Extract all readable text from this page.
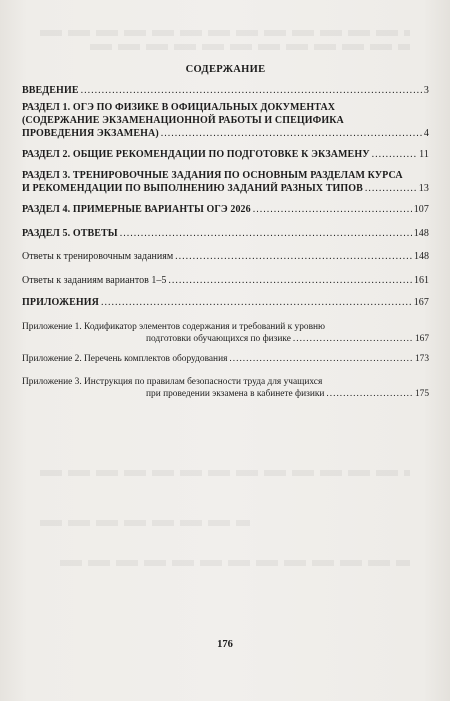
СОДЕРЖАНИЕ
ВВЕДЕНИЕ .....	3
РАЗДЕЛ 1. ОГЭ ПО ФИЗИКЕ В ОФИЦИАЛЬНЫХ ДОКУМЕНТАХ
(СОДЕРЖАНИЕ ЭКЗАМЕНАЦИОННОЙ РАБОТЫ И СПЕЦИФИКА
ПРОВЕДЕНИЯ ЭКЗАМЕНА) .....	4
РАЗДЕЛ 2. ОБЩИЕ РЕКОМЕНДАЦИИ ПО ПОДГОТОВКЕ К ЭКЗАМЕНУ .....	11
РАЗДЕЛ 3. ТРЕНИРОВОЧНЫЕ ЗАДАНИЯ ПО ОСНОВНЫМ РАЗДЕЛАМ КУРСА
И РЕКОМЕНДАЦИИ ПО ВЫПОЛНЕНИЮ ЗАДАНИЙ РАЗНЫХ ТИПОВ .....	13
РАЗДЕЛ 4. ПРИМЕРНЫЕ ВАРИАНТЫ ОГЭ 2026 .....	107
РАЗДЕЛ 5. ОТВЕТЫ .....	148
Ответы к тренировочным заданиям .....	148
Ответы к заданиям вариантов 1–5 .....	161
ПРИЛОЖЕНИЯ .....	167
Приложение 1. Кодификатор элементов содержания и требований к уровню
подготовки обучающихся по физике .....	167
Приложение 2. Перечень комплектов оборудования .....	173
Приложение 3. Инструкция по правилам безопасности труда для учащихся
при проведении экзамена в кабинете физики .....	175
176
